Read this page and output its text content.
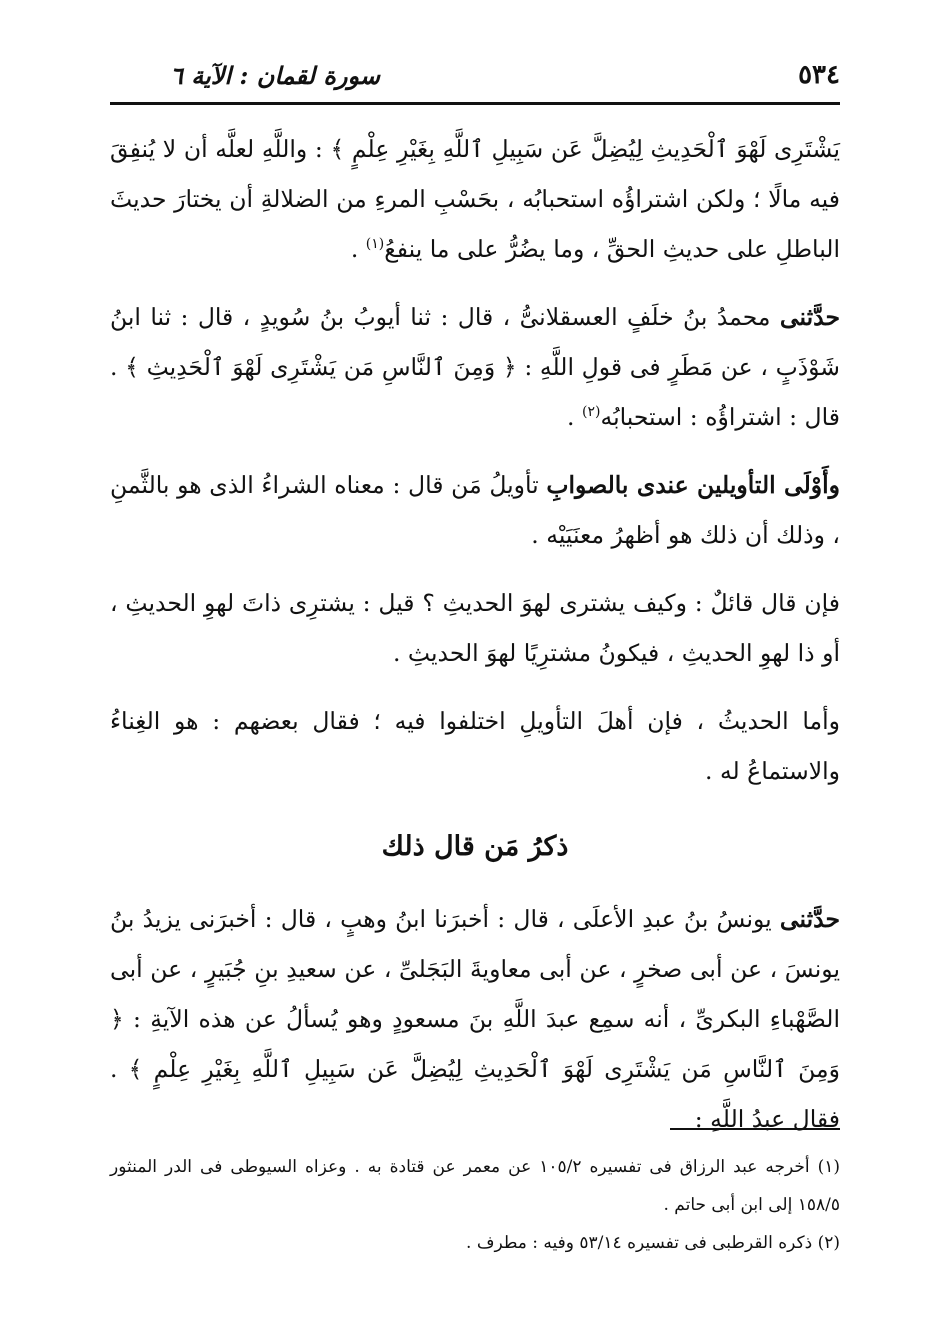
٥٣٤
سورة لقمان : الآية ٦

يَشْتَرِى لَهْوَ ٱلْحَدِيثِ لِيُضِلَّ عَن سَبِيلِ ٱللَّهِ بِغَيْرِ عِلْمٍ ﴾ : واللَّهِ لعلَّه أن لا يُنفِقَ فيه مالًا ؛ ولكن اشتراؤُه استحبابُه ، بحَسْبِ المرءِ من الضلالةِ أن يختارَ حديثَ الباطلِ على حديثِ الحقِّ ، وما يضُرُّ على ما ينفعُ$^{(١)}$ .

حدَّثنى محمدُ بنُ خلَفٍ العسقلانىُّ ، قال : ثنا أيوبُ بنُ سُويدٍ ، قال : ثنا ابنُ شَوْذَبٍ ، عن مَطَرٍ فى قولِ اللَّهِ : ﴿ وَمِنَ ٱلنَّاسِ مَن يَشْتَرِى لَهْوَ ٱلْحَدِيثِ ﴾ . قال : اشتراؤُه : استحبابُه$^{(٢)}$ .

وأَوْلَى التأويلين عندى بالصوابِ تأويلُ مَن قال : معناه الشراءُ الذى هو بالثَّمنِ ، وذلك أن ذلك هو أظهرُ معنَيَيْه .

فإن قال قائلٌ : وكيف يشترى لهوَ الحديثِ ؟ قيل : يشترِى ذاتَ لهوِ الحديثِ ، أو ذا لهوِ الحديثِ ، فيكونُ مشترِيًا لهوَ الحديثِ .

وأما الحديثُ ، فإن أهلَ التأويلِ اختلفوا فيه ؛ فقال بعضهم : هو الغِناءُ والاستماعُ له .

ذكرُ مَن قال ذلك

حدَّثنى يونسُ بنُ عبدِ الأعلَى ، قال : أخبرَنا ابنُ وهبٍ ، قال : أخبرَنى يزيدُ بنُ يونسَ ، عن أبى صخرٍ ، عن أبى معاويةَ البَجَلىِّ ، عن سعيدِ بنِ جُبَيرٍ ، عن أبى الصَّهْباءِ البكرىِّ ، أنه سمِع عبدَ اللَّهِ بنَ مسعودٍ وهو يُسألُ عن هذه الآيةِ : ﴿ وَمِنَ ٱلنَّاسِ مَن يَشْتَرِى لَهْوَ ٱلْحَدِيثِ لِيُضِلَّ عَن سَبِيلِ ٱللَّهِ بِغَيْرِ عِلْمٍ ﴾ . فقال عبدُ اللَّهِ :

(١) أخرجه عبد الرزاق فى تفسيره ١٠٥/٢ عن معمر عن قتادة به . وعزاه السيوطى فى الدر المنثور ١٥٨/٥ إلى ابن أبى حاتم .
(٢) ذكره القرطبى فى تفسيره ٥٣/١٤ وفيه : مطرف .
